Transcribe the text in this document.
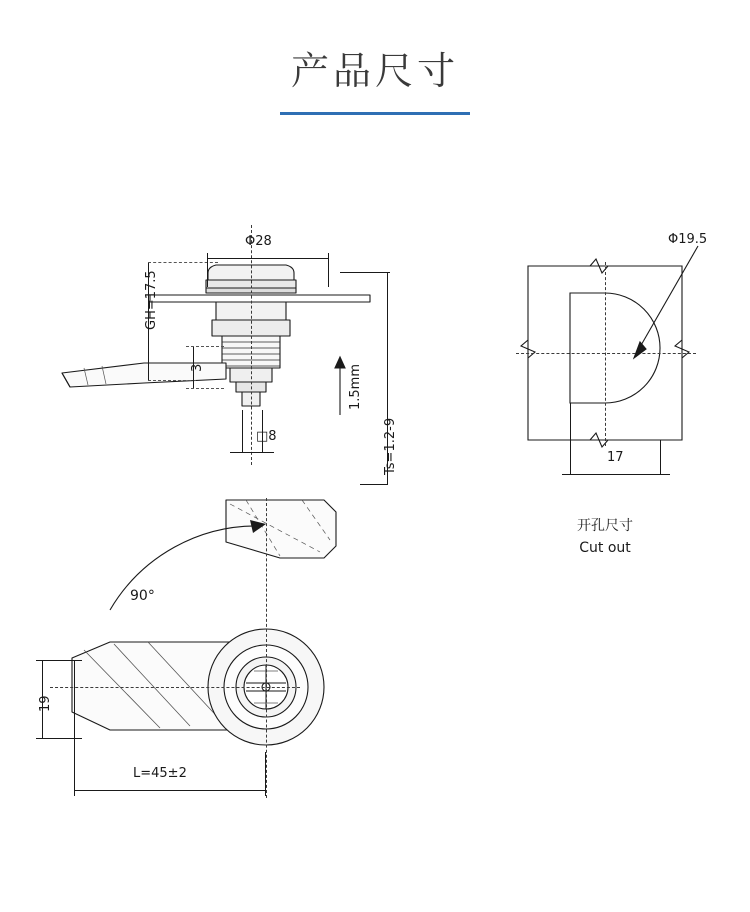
产品尺寸
GH=17.5
Φ28
3
□8
1.5mm
Ts=1.2-9
Φ19.5
17
开孔尺寸
Cut out
90°
19
L=45±2
